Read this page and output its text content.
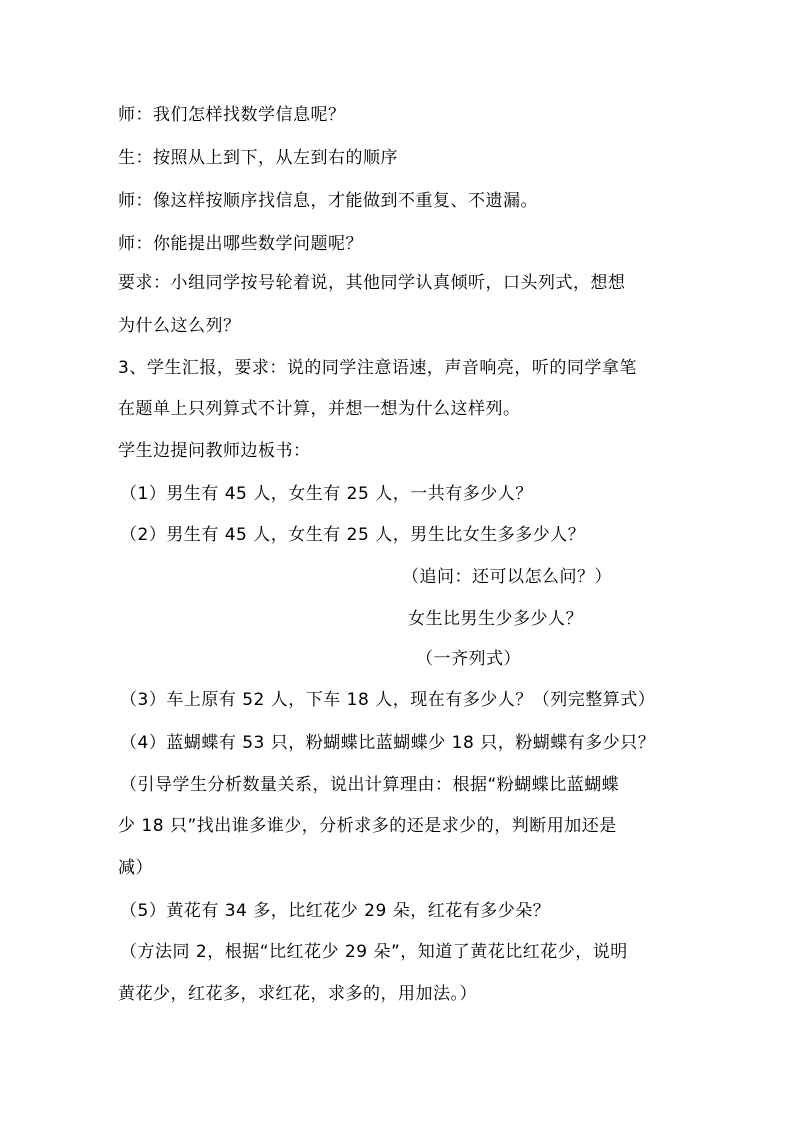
师：我们怎样找数学信息呢？
生：按照从上到下，从左到右的顺序
师：像这样按顺序找信息，才能做到不重复、不遗漏。
师：你能提出哪些数学问题呢？
要求：小组同学按号轮着说，其他同学认真倾听，口头列式，想想
为什么这么列？
3、学生汇报，要求：说的同学注意语速，声音响亮，听的同学拿笔
在题单上只列算式不计算，并想一想为什么这样列。
学生边提问教师边板书：
（1）男生有 45 人，女生有 25 人，一共有多少人？
（2）男生有 45 人，女生有 25 人，男生比女生多多少人？
（追问：还可以怎么问？）
女生比男生少多少人？
（一齐列式）
（3）车上原有 52 人，下车 18 人，现在有多少人？（列完整算式）
（4）蓝蝴蝶有 53 只，粉蝴蝶比蓝蝴蝶少 18 只，粉蝴蝶有多少只？
（引导学生分析数量关系，说出计算理由：根据“粉蝴蝶比蓝蝴蝶
少 18 只”找出谁多谁少，分析求多的还是求少的，判断用加还是
减）
（5）黄花有 34 多，比红花少 29 朵，红花有多少朵？
（方法同 2，根据“比红花少 29 朵”，知道了黄花比红花少，说明
黄花少，红花多，求红花，求多的，用加法。）
